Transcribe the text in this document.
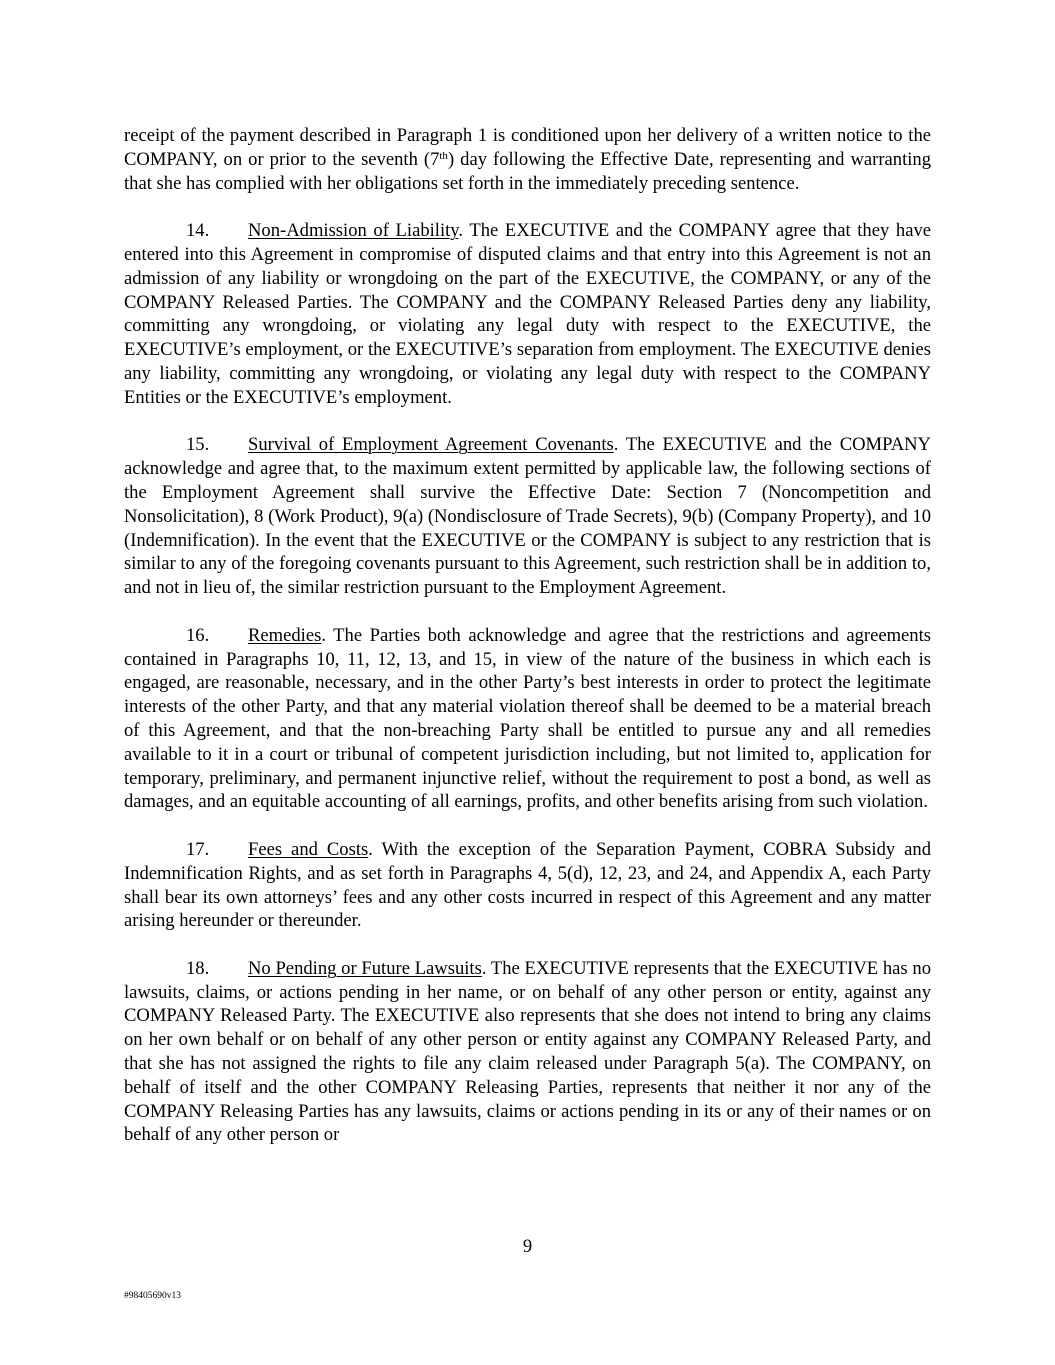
receipt of the payment described in Paragraph 1 is conditioned upon her delivery of a written notice to the COMPANY, on or prior to the seventh (7th) day following the Effective Date, representing and warranting that she has complied with her obligations set forth in the immediately preceding sentence.

14. Non-Admission of Liability. The EXECUTIVE and the COMPANY agree that they have entered into this Agreement in compromise of disputed claims and that entry into this Agreement is not an admission of any liability or wrongdoing on the part of the EXECUTIVE, the COMPANY, or any of the COMPANY Released Parties. The COMPANY and the COMPANY Released Parties deny any liability, committing any wrongdoing, or violating any legal duty with respect to the EXECUTIVE, the EXECUTIVE’s employment, or the EXECUTIVE’s separation from employment. The EXECUTIVE denies any liability, committing any wrongdoing, or violating any legal duty with respect to the COMPANY Entities or the EXECUTIVE’s employment.

15. Survival of Employment Agreement Covenants. The EXECUTIVE and the COMPANY acknowledge and agree that, to the maximum extent permitted by applicable law, the following sections of the Employment Agreement shall survive the Effective Date: Section 7 (Noncompetition and Nonsolicitation), 8 (Work Product), 9(a) (Nondisclosure of Trade Secrets), 9(b) (Company Property), and 10 (Indemnification). In the event that the EXECUTIVE or the COMPANY is subject to any restriction that is similar to any of the foregoing covenants pursuant to this Agreement, such restriction shall be in addition to, and not in lieu of, the similar restriction pursuant to the Employment Agreement.

16. Remedies. The Parties both acknowledge and agree that the restrictions and agreements contained in Paragraphs 10, 11, 12, 13, and 15, in view of the nature of the business in which each is engaged, are reasonable, necessary, and in the other Party’s best interests in order to protect the legitimate interests of the other Party, and that any material violation thereof shall be deemed to be a material breach of this Agreement, and that the non-breaching Party shall be entitled to pursue any and all remedies available to it in a court or tribunal of competent jurisdiction including, but not limited to, application for temporary, preliminary, and permanent injunctive relief, without the requirement to post a bond, as well as damages, and an equitable accounting of all earnings, profits, and other benefits arising from such violation.

17. Fees and Costs. With the exception of the Separation Payment, COBRA Subsidy and Indemnification Rights, and as set forth in Paragraphs 4, 5(d), 12, 23, and 24, and Appendix A, each Party shall bear its own attorneys’ fees and any other costs incurred in respect of this Agreement and any matter arising hereunder or thereunder.

18. No Pending or Future Lawsuits. The EXECUTIVE represents that the EXECUTIVE has no lawsuits, claims, or actions pending in her name, or on behalf of any other person or entity, against any COMPANY Released Party. The EXECUTIVE also represents that she does not intend to bring any claims on her own behalf or on behalf of any other person or entity against any COMPANY Released Party, and that she has not assigned the rights to file any claim released under Paragraph 5(a). The COMPANY, on behalf of itself and the other COMPANY Releasing Parties, represents that neither it nor any of the COMPANY Releasing Parties has any lawsuits, claims or actions pending in its or any of their names or on behalf of any other person or

9
#98405690v13
